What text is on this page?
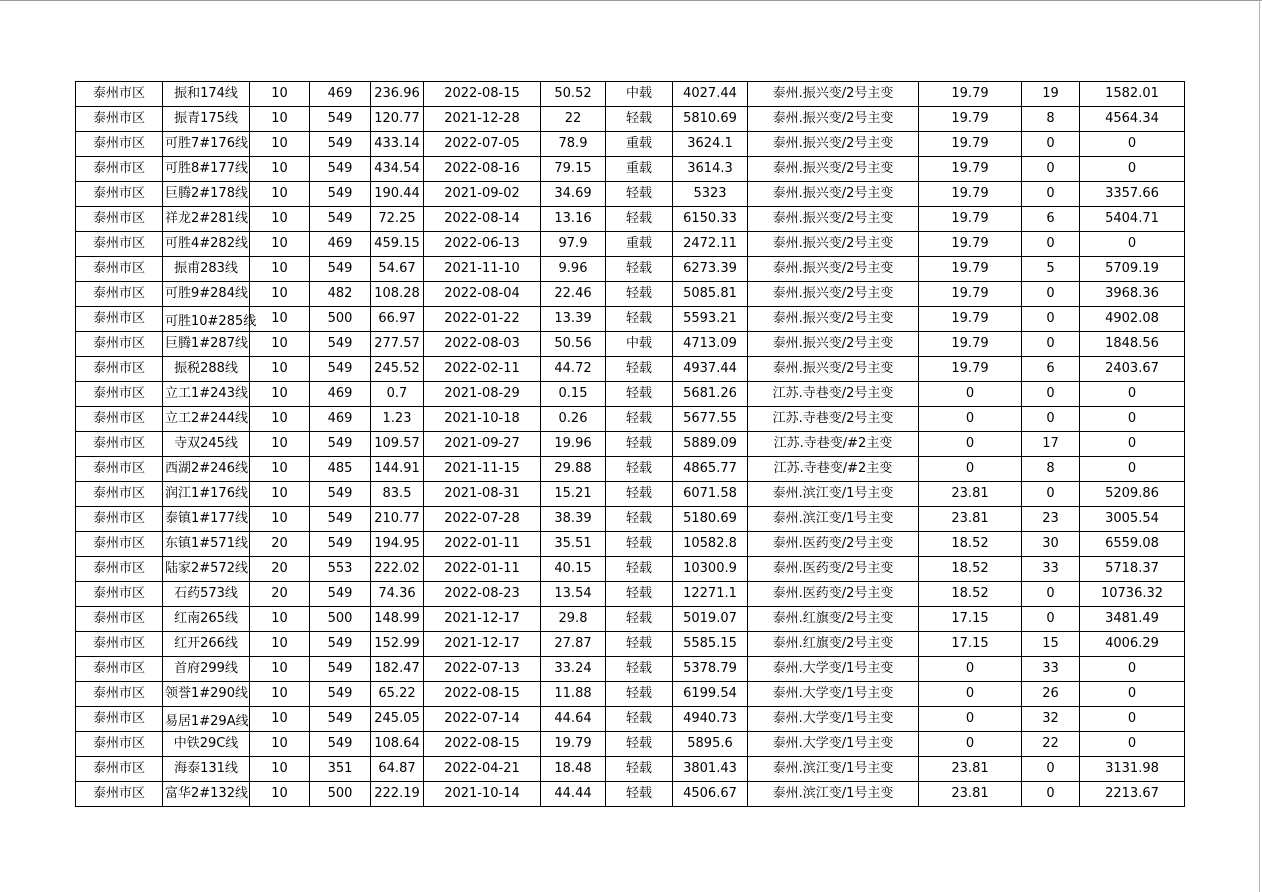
泰州市区	振和174线	10	469	236.96	2022-08-15	50.52	中载	4027.44	泰州.振兴变/2号主变	19.79	19	1582.01
泰州市区	振青175线	10	549	120.77	2021-12-28	22	轻载	5810.69	泰州.振兴变/2号主变	19.79	8	4564.34
泰州市区	可胜7#176线	10	549	433.14	2022-07-05	78.9	重载	3624.1	泰州.振兴变/2号主变	19.79	0	0
泰州市区	可胜8#177线	10	549	434.54	2022-08-16	79.15	重载	3614.3	泰州.振兴变/2号主变	19.79	0	0
泰州市区	巨腾2#178线	10	549	190.44	2021-09-02	34.69	轻载	5323	泰州.振兴变/2号主变	19.79	0	3357.66
泰州市区	祥龙2#281线	10	549	72.25	2022-08-14	13.16	轻载	6150.33	泰州.振兴变/2号主变	19.79	6	5404.71
泰州市区	可胜4#282线	10	469	459.15	2022-06-13	97.9	重载	2472.11	泰州.振兴变/2号主变	19.79	0	0
泰州市区	振甫283线	10	549	54.67	2021-11-10	9.96	轻载	6273.39	泰州.振兴变/2号主变	19.79	5	5709.19
泰州市区	可胜9#284线	10	482	108.28	2022-08-04	22.46	轻载	5085.81	泰州.振兴变/2号主变	19.79	0	3968.36
泰州市区	可胜10#285线	10	500	66.97	2022-01-22	13.39	轻载	5593.21	泰州.振兴变/2号主变	19.79	0	4902.08
泰州市区	巨腾1#287线	10	549	277.57	2022-08-03	50.56	中载	4713.09	泰州.振兴变/2号主变	19.79	0	1848.56
泰州市区	振税288线	10	549	245.52	2022-02-11	44.72	轻载	4937.44	泰州.振兴变/2号主变	19.79	6	2403.67
泰州市区	立工1#243线	10	469	0.7	2021-08-29	0.15	轻载	5681.26	江苏.寺巷变/2号主变	0	0	0
泰州市区	立工2#244线	10	469	1.23	2021-10-18	0.26	轻载	5677.55	江苏.寺巷变/2号主变	0	0	0
泰州市区	寺双245线	10	549	109.57	2021-09-27	19.96	轻载	5889.09	江苏.寺巷变/#2主变	0	17	0
泰州市区	西湖2#246线	10	485	144.91	2021-11-15	29.88	轻载	4865.77	江苏.寺巷变/#2主变	0	8	0
泰州市区	润江1#176线	10	549	83.5	2021-08-31	15.21	轻载	6071.58	泰州.滨江变/1号主变	23.81	0	5209.86
泰州市区	泰镇1#177线	10	549	210.77	2022-07-28	38.39	轻载	5180.69	泰州.滨江变/1号主变	23.81	23	3005.54
泰州市区	东镇1#571线	20	549	194.95	2022-01-11	35.51	轻载	10582.8	泰州.医药变/2号主变	18.52	30	6559.08
泰州市区	陆家2#572线	20	553	222.02	2022-01-11	40.15	轻载	10300.9	泰州.医药变/2号主变	18.52	33	5718.37
泰州市区	石药573线	20	549	74.36	2022-08-23	13.54	轻载	12271.1	泰州.医药变/2号主变	18.52	0	10736.32
泰州市区	红南265线	10	500	148.99	2021-12-17	29.8	轻载	5019.07	泰州.红旗变/2号主变	17.15	0	3481.49
泰州市区	红开266线	10	549	152.99	2021-12-17	27.87	轻载	5585.15	泰州.红旗变/2号主变	17.15	15	4006.29
泰州市区	首府299线	10	549	182.47	2022-07-13	33.24	轻载	5378.79	泰州.大学变/1号主变	0	33	0
泰州市区	领誉1#290线	10	549	65.22	2022-08-15	11.88	轻载	6199.54	泰州.大学变/1号主变	0	26	0
泰州市区	易居1#29A线	10	549	245.05	2022-07-14	44.64	轻载	4940.73	泰州.大学变/1号主变	0	32	0
泰州市区	中铁29C线	10	549	108.64	2022-08-15	19.79	轻载	5895.6	泰州.大学变/1号主变	0	22	0
泰州市区	海泰131线	10	351	64.87	2022-04-21	18.48	轻载	3801.43	泰州.滨江变/1号主变	23.81	0	3131.98
泰州市区	富华2#132线	10	500	222.19	2021-10-14	44.44	轻载	4506.67	泰州.滨江变/1号主变	23.81	0	2213.67
